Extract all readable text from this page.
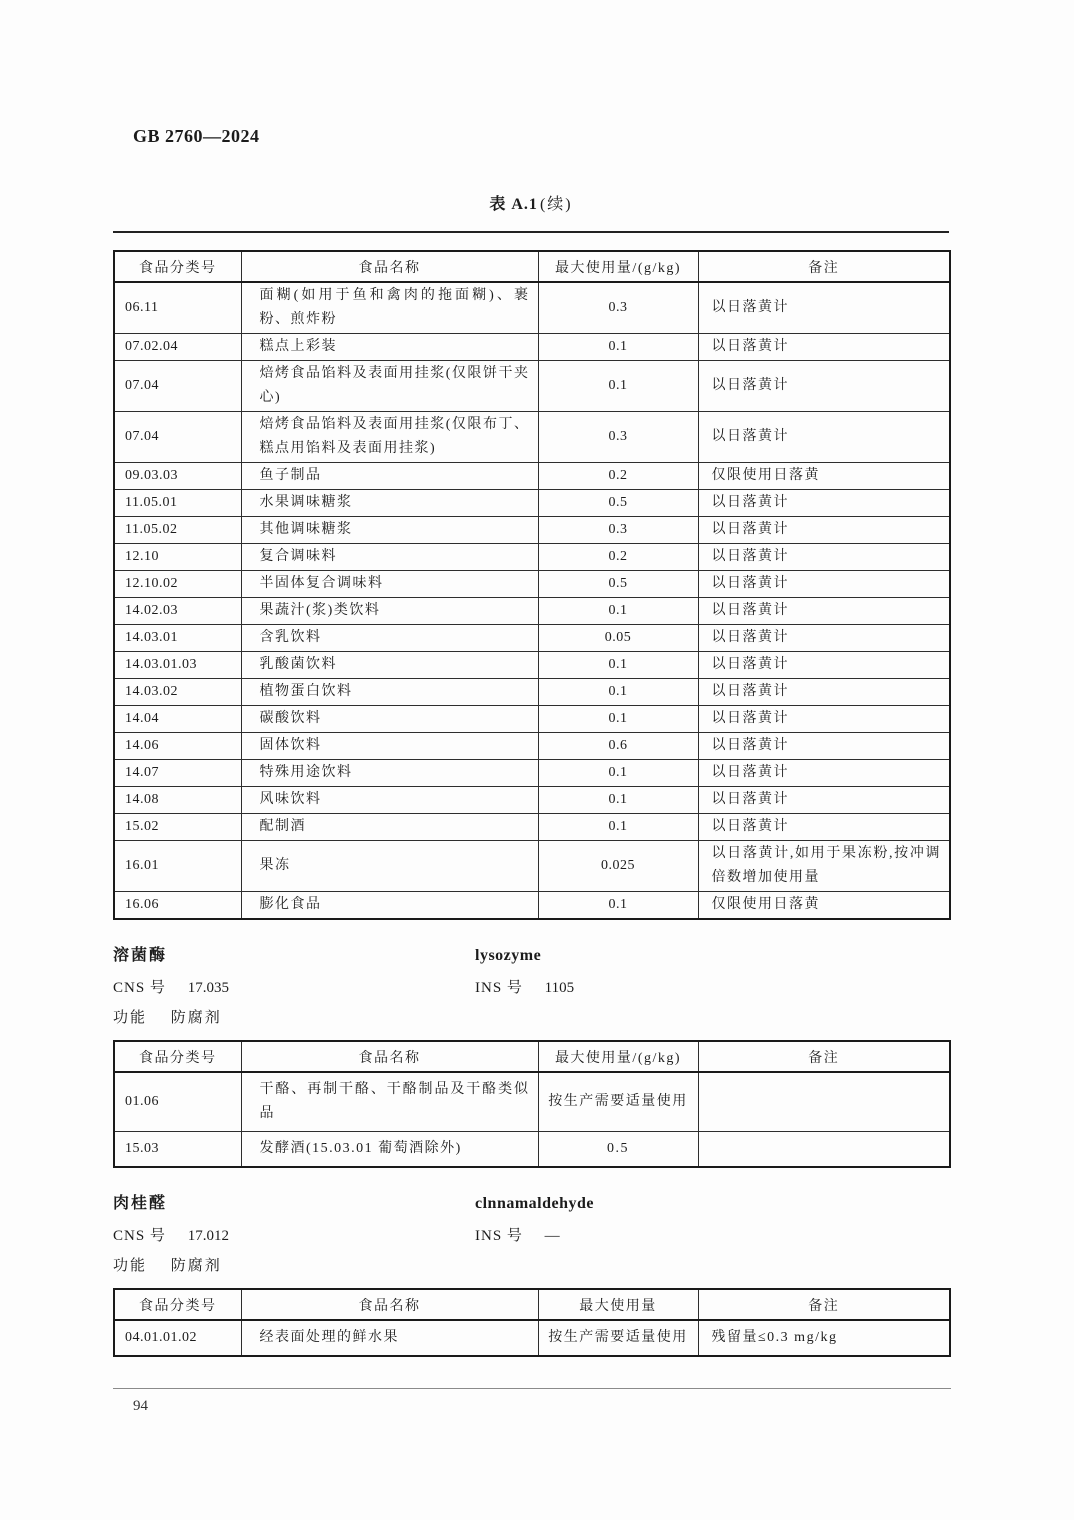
GB 2760—2024
表 A.1 (续)
食品分类号	食品名称	最大使用量/(g/kg)	备注
06.11	面糊(如用于鱼和禽肉的拖面糊)、裹粉、煎炸粉	0.3	以日落黄计
07.02.04	糕点上彩装	0.1	以日落黄计
07.04	焙烤食品馅料及表面用挂浆(仅限饼干夹心)	0.1	以日落黄计
07.04	焙烤食品馅料及表面用挂浆(仅限布丁、糕点用馅料及表面用挂浆)	0.3	以日落黄计
09.03.03	鱼子制品	0.2	仅限使用日落黄
11.05.01	水果调味糖浆	0.5	以日落黄计
11.05.02	其他调味糖浆	0.3	以日落黄计
12.10	复合调味料	0.2	以日落黄计
12.10.02	半固体复合调味料	0.5	以日落黄计
14.02.03	果蔬汁(浆)类饮料	0.1	以日落黄计
14.03.01	含乳饮料	0.05	以日落黄计
14.03.01.03	乳酸菌饮料	0.1	以日落黄计
14.03.02	植物蛋白饮料	0.1	以日落黄计
14.04	碳酸饮料	0.1	以日落黄计
14.06	固体饮料	0.6	以日落黄计
14.07	特殊用途饮料	0.1	以日落黄计
14.08	风味饮料	0.1	以日落黄计
15.02	配制酒	0.1	以日落黄计
16.01	果冻	0.025	以日落黄计,如用于果冻粉,按冲调倍数增加使用量
16.06	膨化食品	0.1	仅限使用日落黄
溶菌酶	lysozyme
CNS 号 17.035	INS 号 1105
功能 防腐剂
食品分类号	食品名称	最大使用量/(g/kg)	备注
01.06	干酪、再制干酪、干酪制品及干酪类似品	按生产需要适量使用	
15.03	发酵酒(15.03.01 葡萄酒除外)	0.5	
肉桂醛	clnnamaldehyde
CNS 号 17.012	INS 号 —
功能 防腐剂
食品分类号	食品名称	最大使用量	备注
04.01.01.02	经表面处理的鲜水果	按生产需要适量使用	残留量≤0.3 mg/kg
94
